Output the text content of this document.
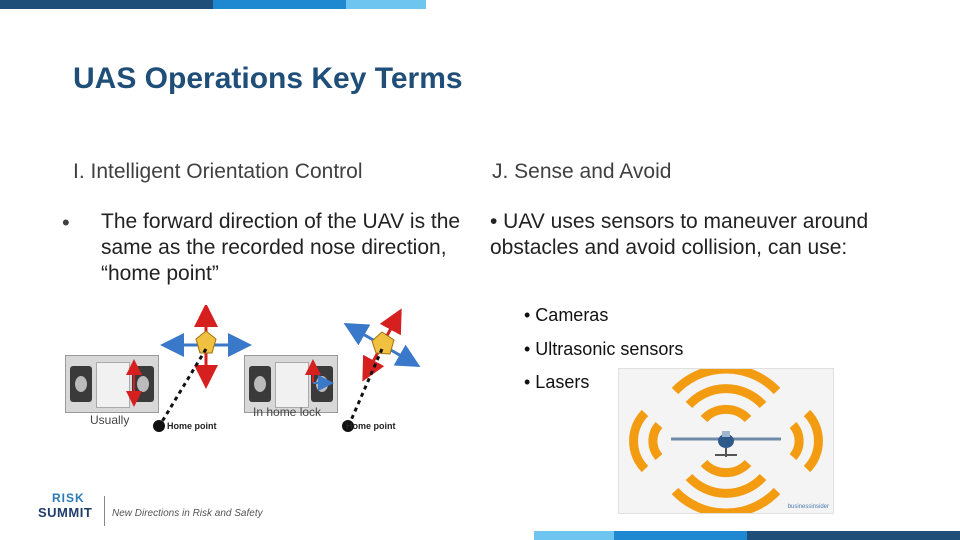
UAS Operations Key Terms
I. Intelligent Orientation Control
• The forward direction of the UAV is the same as the recorded nose direction, “home point”
Usually
In home lock
Home point	Home point
J. Sense and Avoid
• UAV uses sensors to maneuver around obstacles and avoid collision, can use:
• Cameras
• Ultrasonic sensors
• Lasers
businessinsider
RISK
SUMMIT New Directions in Risk and Safety
